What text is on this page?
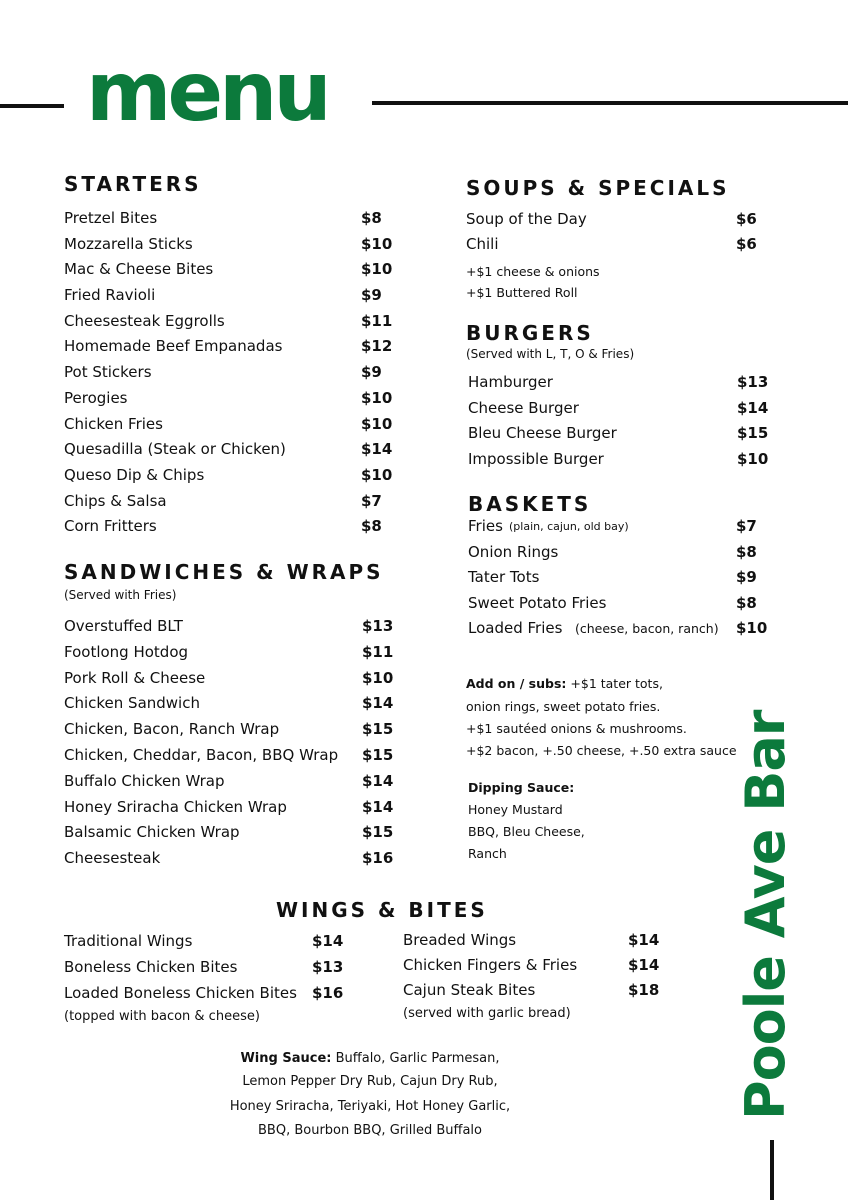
menu
Poole Ave Bar
STARTERS
Pretzel Bites	$8
Mozzarella Sticks	$10
Mac & Cheese Bites	$10
Fried Ravioli	$9
Cheesesteak Eggrolls	$11
Homemade Beef Empanadas	$12
Pot Stickers	$9
Perogies	$10
Chicken Fries	$10
Quesadilla (Steak or Chicken)	$14
Queso Dip & Chips	$10
Chips & Salsa	$7
Corn Fritters	$8
SANDWICHES & WRAPS
(Served with Fries)
Overstuffed BLT	$13
Footlong Hotdog	$11
Pork Roll & Cheese	$10
Chicken Sandwich	$14
Chicken, Bacon, Ranch Wrap	$15
Chicken, Cheddar, Bacon, BBQ Wrap $15
Buffalo Chicken Wrap	$14
Honey Sriracha Chicken Wrap	$14
Balsamic Chicken Wrap	$15
Cheesesteak	$16
SOUPS & SPECIALS
Soup of the Day	$6
Chili	$6
+$1 cheese & onions
+$1 Buttered Roll
BURGERS
(Served with L, T, O & Fries)
Hamburger	$13
Cheese Burger	$14
Bleu Cheese Burger	$15
Impossible Burger	$10
BASKETS
Fries (plain, cajun, old bay)	$7
Onion Rings	$8
Tater Tots	$9
Sweet Potato Fries	$8
Loaded Fries (cheese, bacon, ranch) $10
Add on / subs: +$1 tater tots,
onion rings, sweet potato fries.
+$1 sautéed onions & mushrooms.
+$2 bacon, +.50 cheese, +.50 extra sauce
Dipping Sauce:
Honey Mustard
BBQ, Bleu Cheese,
Ranch
WINGS & BITES
Traditional Wings	$14
Boneless Chicken Bites	$13
Loaded Boneless Chicken Bites $16
(topped with bacon & cheese)
Breaded Wings	$14
Chicken Fingers & Fries	$14
Cajun Steak Bites	$18
(served with garlic bread)
Wing Sauce: Buffalo, Garlic Parmesan,
Lemon Pepper Dry Rub, Cajun Dry Rub,
Honey Sriracha, Teriyaki, Hot Honey Garlic,
BBQ, Bourbon BBQ, Grilled Buffalo
